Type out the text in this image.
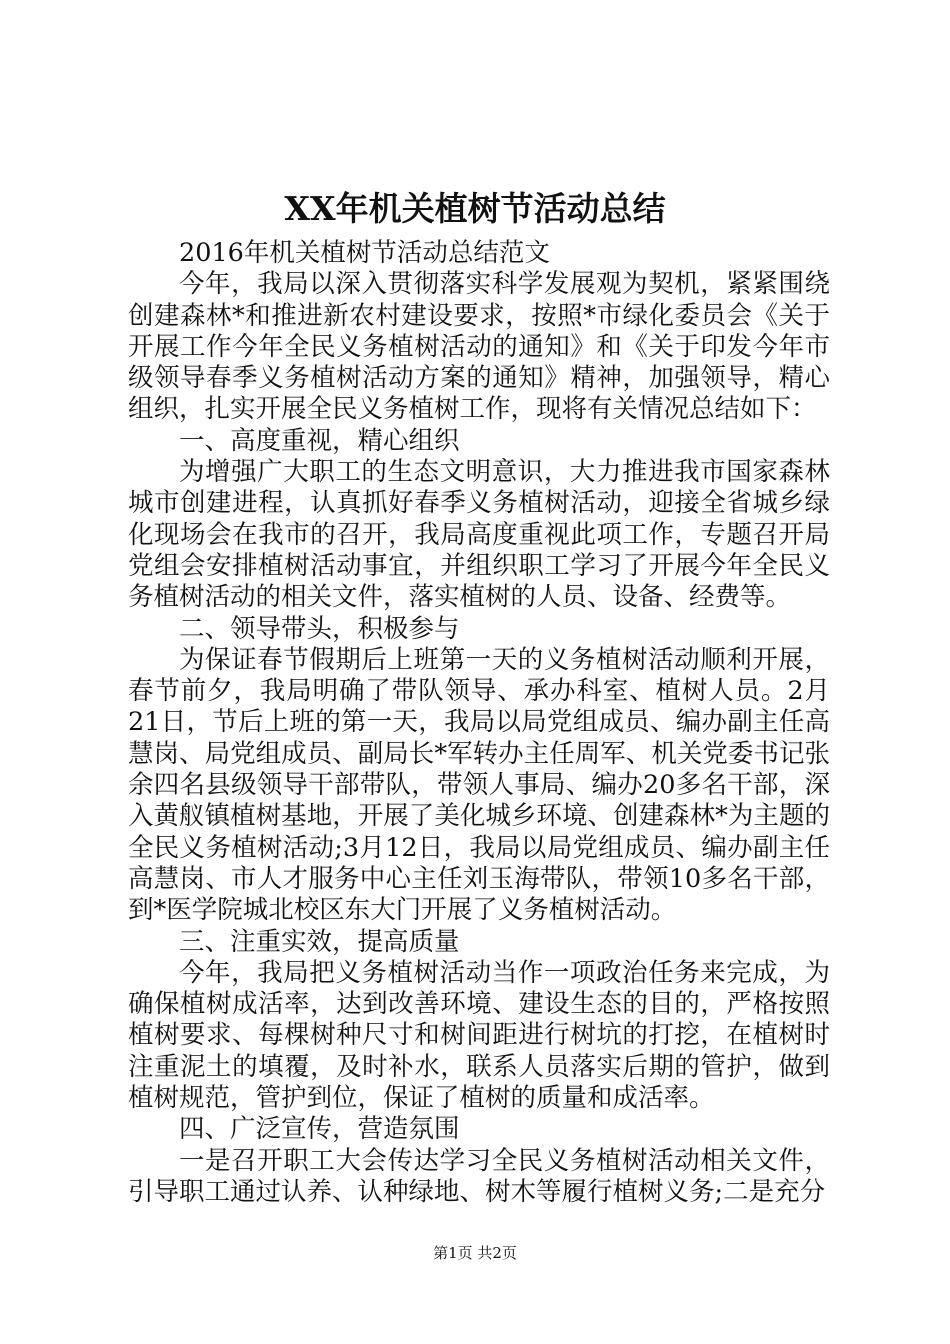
XX年机关植树节活动总结

2016年机关植树节活动总结范文

今年，我局以深入贯彻落实科学发展观为契机，紧紧围绕创建森林*和推进新农村建设要求，按照*市绿化委员会《关于开展工作今年全民义务植树活动的通知》和《关于印发今年市级领导春季义务植树活动方案的通知》精神，加强领导，精心组织，扎实开展全民义务植树工作，现将有关情况总结如下：

一、高度重视，精心组织

为增强广大职工的生态文明意识，大力推进我市国家森林城市创建进程，认真抓好春季义务植树活动，迎接全省城乡绿化现场会在我市的召开，我局高度重视此项工作，专题召开局党组会安排植树活动事宜，并组织职工学习了开展今年全民义务植树活动的相关文件，落实植树的人员、设备、经费等。

二、领导带头，积极参与

为保证春节假期后上班第一天的义务植树活动顺利开展，春节前夕，我局明确了带队领导、承办科室、植树人员。2月21日，节后上班的第一天，我局以局党组成员、编办副主任高慧岗、局党组成员、副局长*军转办主任周军、机关党委书记张余四名县级领导干部带队，带领人事局、编办20多名干部，深入黄舣镇植树基地，开展了美化城乡环境、创建森林*为主题的全民义务植树活动;3月12日，我局以局党组成员、编办副主任高慧岗、市人才服务中心主任刘玉海带队，带领10多名干部，到*医学院城北校区东大门开展了义务植树活动。

三、注重实效，提高质量

今年，我局把义务植树活动当作一项政治任务来完成，为确保植树成活率，达到改善环境、建设生态的目的，严格按照植树要求、每棵树种尺寸和树间距进行树坑的打挖，在植树时注重泥土的填覆，及时补水，联系人员落实后期的管护，做到植树规范，管护到位，保证了植树的质量和成活率。

四、广泛宣传，营造氛围

一是召开职工大会传达学习全民义务植树活动相关文件，引导职工通过认养、认种绿地、树木等履行植树义务;二是充分

第1页 共2页
